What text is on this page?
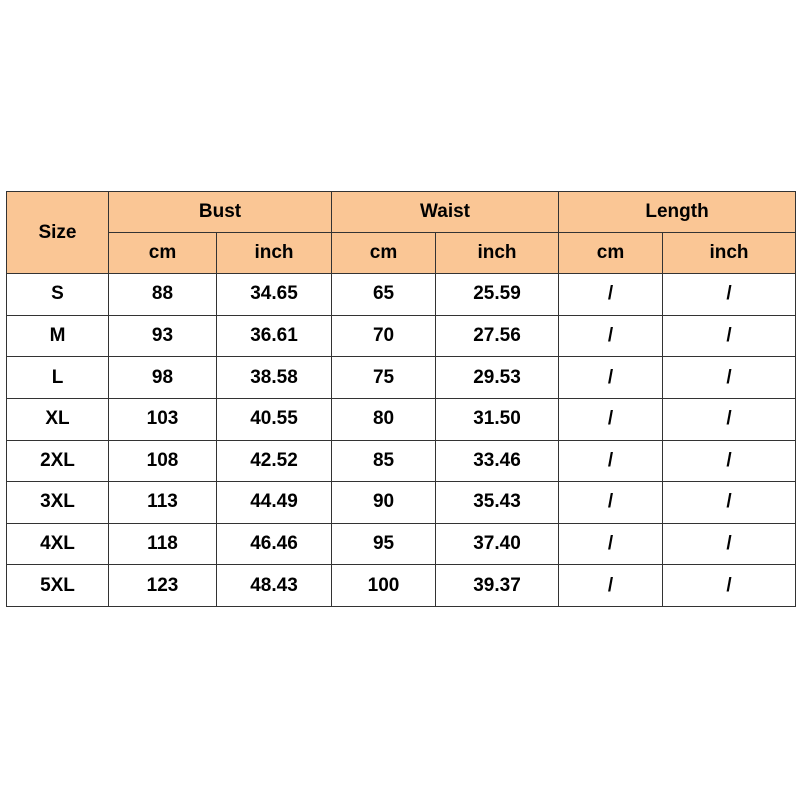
Size	Bust		Waist		Length	
	cm	inch	cm	inch	cm	inch
S	88	34.65	65	25.59	/	/
M	93	36.61	70	27.56	/	/
L	98	38.58	75	29.53	/	/
XL	103	40.55	80	31.50	/	/
2XL	108	42.52	85	33.46	/	/
3XL	113	44.49	90	35.43	/	/
4XL	118	46.46	95	37.40	/	/
5XL	123	48.43	100	39.37	/	/
